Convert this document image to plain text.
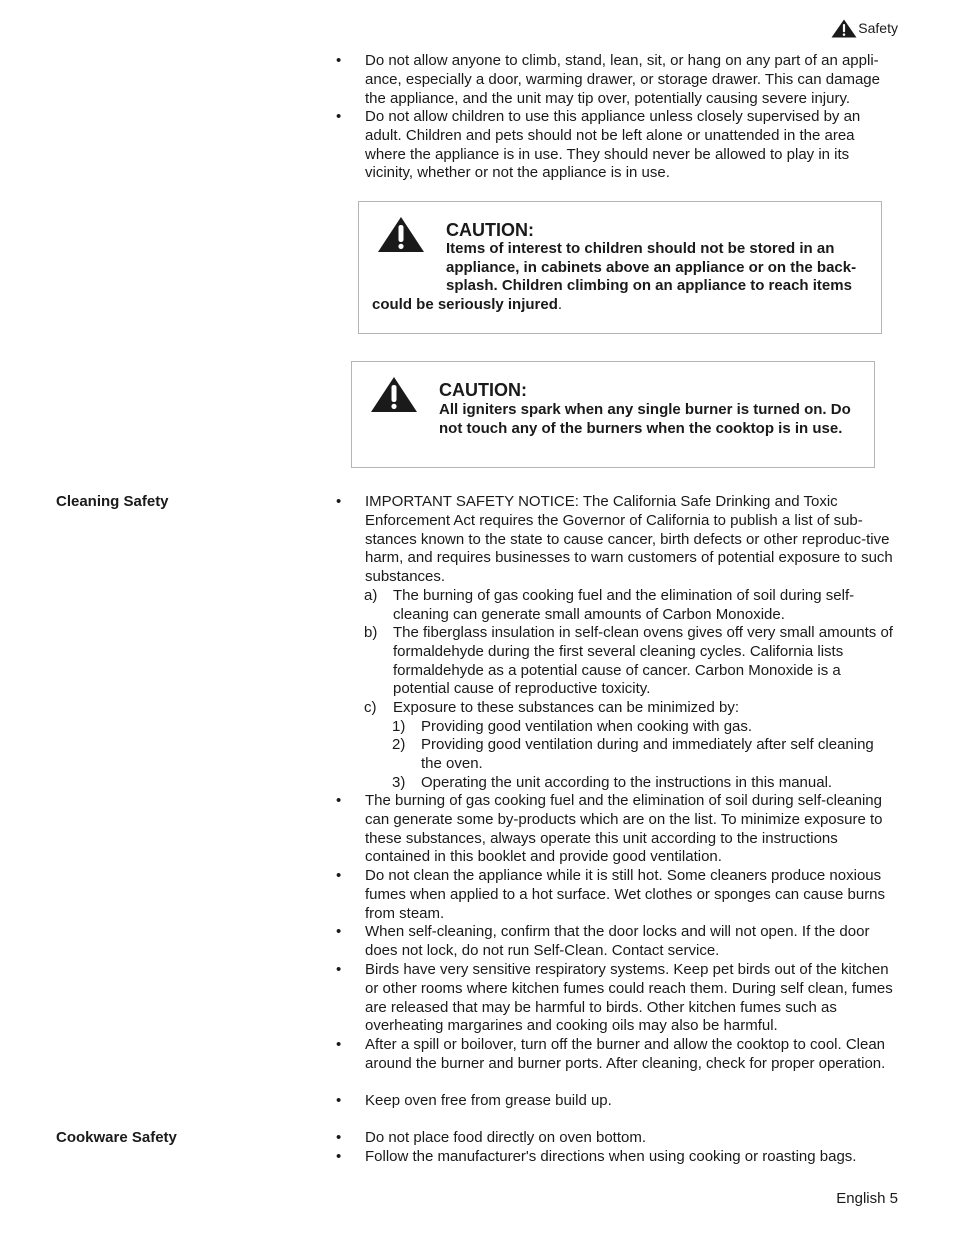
Safety
• Do not allow anyone to climb, stand, lean, sit, or hang on any part of an appli-ance, especially a door, warming drawer, or storage drawer. This can damage the appliance, and the unit may tip over, potentially causing severe injury.
• Do not allow children to use this appliance unless closely supervised by an adult. Children and pets should not be left alone or unattended in the area where the appliance is in use. They should never be allowed to play in its vicinity, whether or not the appliance is in use.
CAUTION:
Items of interest to children should not be stored in an
appliance, in cabinets above an appliance or on the back-
splash. Children climbing on an appliance to reach items
could be seriously injured.
CAUTION:
All igniters spark when any single burner is turned on. Do
not touch any of the burners when the cooktop is in use.
Cleaning Safety	• IMPORTANT SAFETY NOTICE: The California Safe Drinking and Toxic Enforcement Act requires the Governor of California to publish a list of sub-stances known to the state to cause cancer, birth defects or other reproduc-tive harm, and requires businesses to warn customers of potential exposure to such substances.
a) The burning of gas cooking fuel and the elimination of soil during self-cleaning can generate small amounts of Carbon Monoxide.
b) The fiberglass insulation in self-clean ovens gives off very small amounts of formaldehyde during the first several cleaning cycles. California lists formaldehyde as a potential cause of cancer. Carbon Monoxide is a potential cause of reproductive toxicity.
c) Exposure to these substances can be minimized by:
1) Providing good ventilation when cooking with gas.
2) Providing good ventilation during and immediately after self cleaning the oven.
3) Operating the unit according to the instructions in this manual.
• The burning of gas cooking fuel and the elimination of soil during self-cleaning can generate some by-products which are on the list. To minimize exposure to these substances, always operate this unit according to the instructions contained in this booklet and provide good ventilation.
• Do not clean the appliance while it is still hot. Some cleaners produce noxious fumes when applied to a hot surface. Wet clothes or sponges can cause burns from steam.
• When self-cleaning, confirm that the door locks and will not open. If the door does not lock, do not run Self-Clean. Contact service.
• Birds have very sensitive respiratory systems. Keep pet birds out of the kitchen or other rooms where kitchen fumes could reach them. During self clean, fumes are released that may be harmful to birds. Other kitchen fumes such as overheating margarines and cooking oils may also be harmful.
• After a spill or boilover, turn off the burner and allow the cooktop to cool. Clean around the burner and burner ports. After cleaning, check for proper operation.
• Keep oven free from grease build up.
Cookware Safety	• Do not place food directly on oven bottom.
• Follow the manufacturer's directions when using cooking or roasting bags.
English 5
